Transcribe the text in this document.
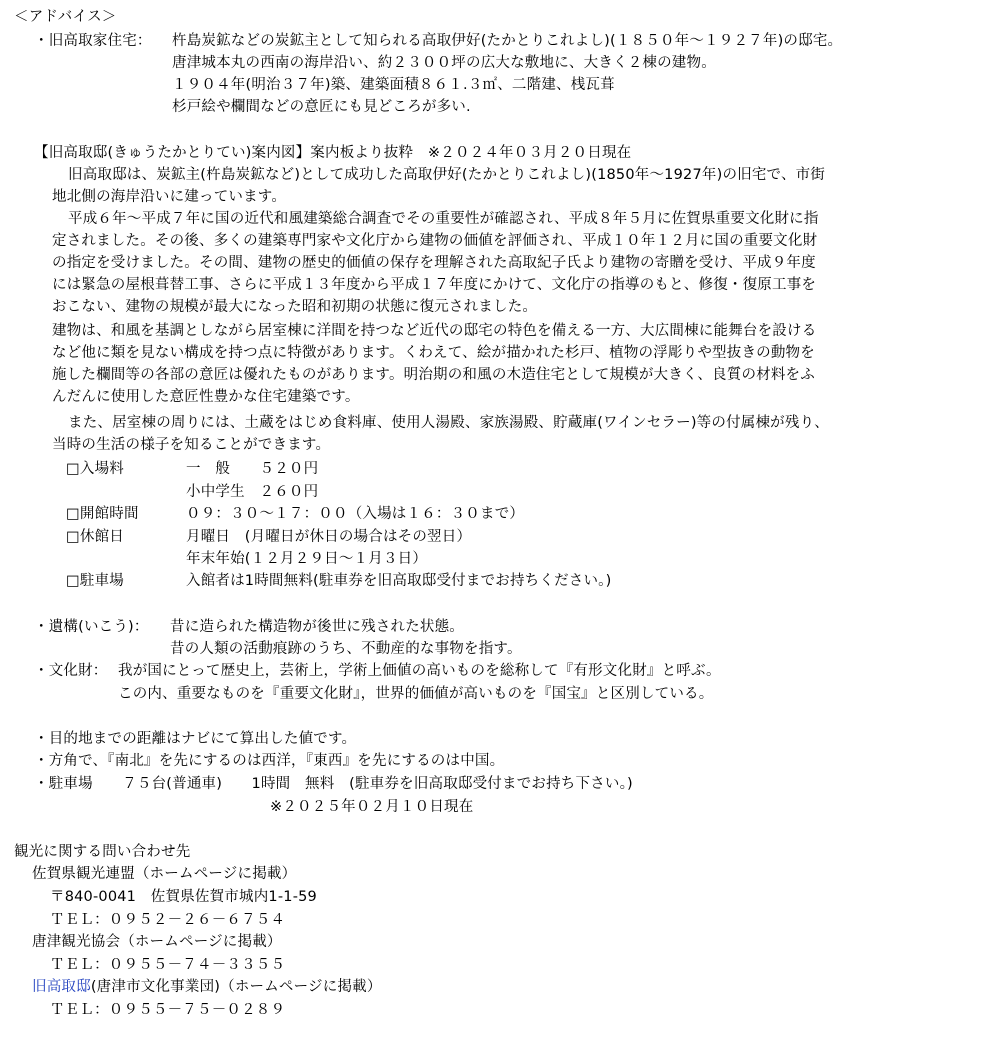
＜アドバイス＞
・旧高取家住宅： 杵島炭鉱などの炭鉱主として知られる高取伊好(たかとりこれよし)(１８５０年～１９２７年)の邸宅。
唐津城本丸の西南の海岸沿い、約２３００坪の広大な敷地に、大きく２棟の建物。
１９０４年(明治３７年)築、建築面積８６１.３㎡、二階建、桟瓦葺
杉戸絵や欄間などの意匠にも見どころが多い.
【旧高取邸(きゅうたかとりてい)案内図】案内板より抜粋　※２０２４年０３月２０日現在
旧高取邸は、炭鉱主(杵島炭鉱など)として成功した高取伊好(たかとりこれよし)(1850年～1927年)の旧宅で、市街
地北側の海岸沿いに建っています。
平成６年～平成７年に国の近代和風建築総合調査でその重要性が確認され、平成８年５月に佐賀県重要文化財に指
定されました。その後、多くの建築専門家や文化庁から建物の価値を評価され、平成１０年１２月に国の重要文化財
の指定を受けました。その間、建物の歴史的価値の保存を理解された高取紀子氏より建物の寄贈を受け、平成９年度
には緊急の屋根葺替工事、さらに平成１３年度から平成１７年度にかけて、文化庁の指導のもと、修復・復原工事を
おこない、建物の規模が最大になった昭和初期の状態に復元されました。
建物は、和風を基調としながら居室棟に洋間を持つなど近代の邸宅の特色を備える一方、大広間棟に能舞台を設ける
など他に類を見ない構成を持つ点に特徴があります。くわえて、絵が描かれた杉戸、植物の浮彫りや型抜きの動物を
施した欄間等の各部の意匠は優れたものがあります。明治期の和風の木造住宅として規模が大きく、良質の材料をふ
んだんに使用した意匠性豊かな住宅建築です。
また、居室棟の周りには、土蔵をはじめ食料庫、使用人湯殿、家族湯殿、貯蔵庫(ワインセラー)等の付属棟が残り、
当時の生活の様子を知ることができます。
□入場料	一　般　　５２０円
小中学生　２６０円
□開館時間	０９：３０～１７：００（入場は１６：３０まで）
□休館日	月曜日　(月曜日が休日の場合はその翌日）
年末年始(１２月２９日～１月３日）
□駐車場	入館者は1時間無料(駐車券を旧高取邸受付までお持ちください。)
・遺構(いこう)： 昔に造られた構造物が後世に残された状態。
昔の人類の活動痕跡のうち、不動産的な事物を指す。
・文化財： 我が国にとって歴史上，芸術上，学術上価値の高いものを総称して『有形文化財』と呼ぶ。
この内、重要なものを『重要文化財』，世界的価値が高いものを『国宝』と区別している。
・目的地までの距離はナビにて算出した値です。
・方角で、『南北』を先にするのは西洋，『東西』を先にするのは中国。
・駐車場　　７５台(普通車)　　1時間　無料　(駐車券を旧高取邸受付までお持ち下さい。)
※２０２５年０２月１０日現在
観光に関する問い合わせ先
佐賀県観光連盟（ホームページに掲載）
〒840-0041　佐賀県佐賀市城内1-1-59
ＴＥＬ：０９５２－２６－６７５４
唐津観光協会（ホームページに掲載）
ＴＥＬ：０９５５－７４－３３５５
旧高取邸(唐津市文化事業団)（ホームページに掲載）
ＴＥＬ：０９５５－７５－０２８９
